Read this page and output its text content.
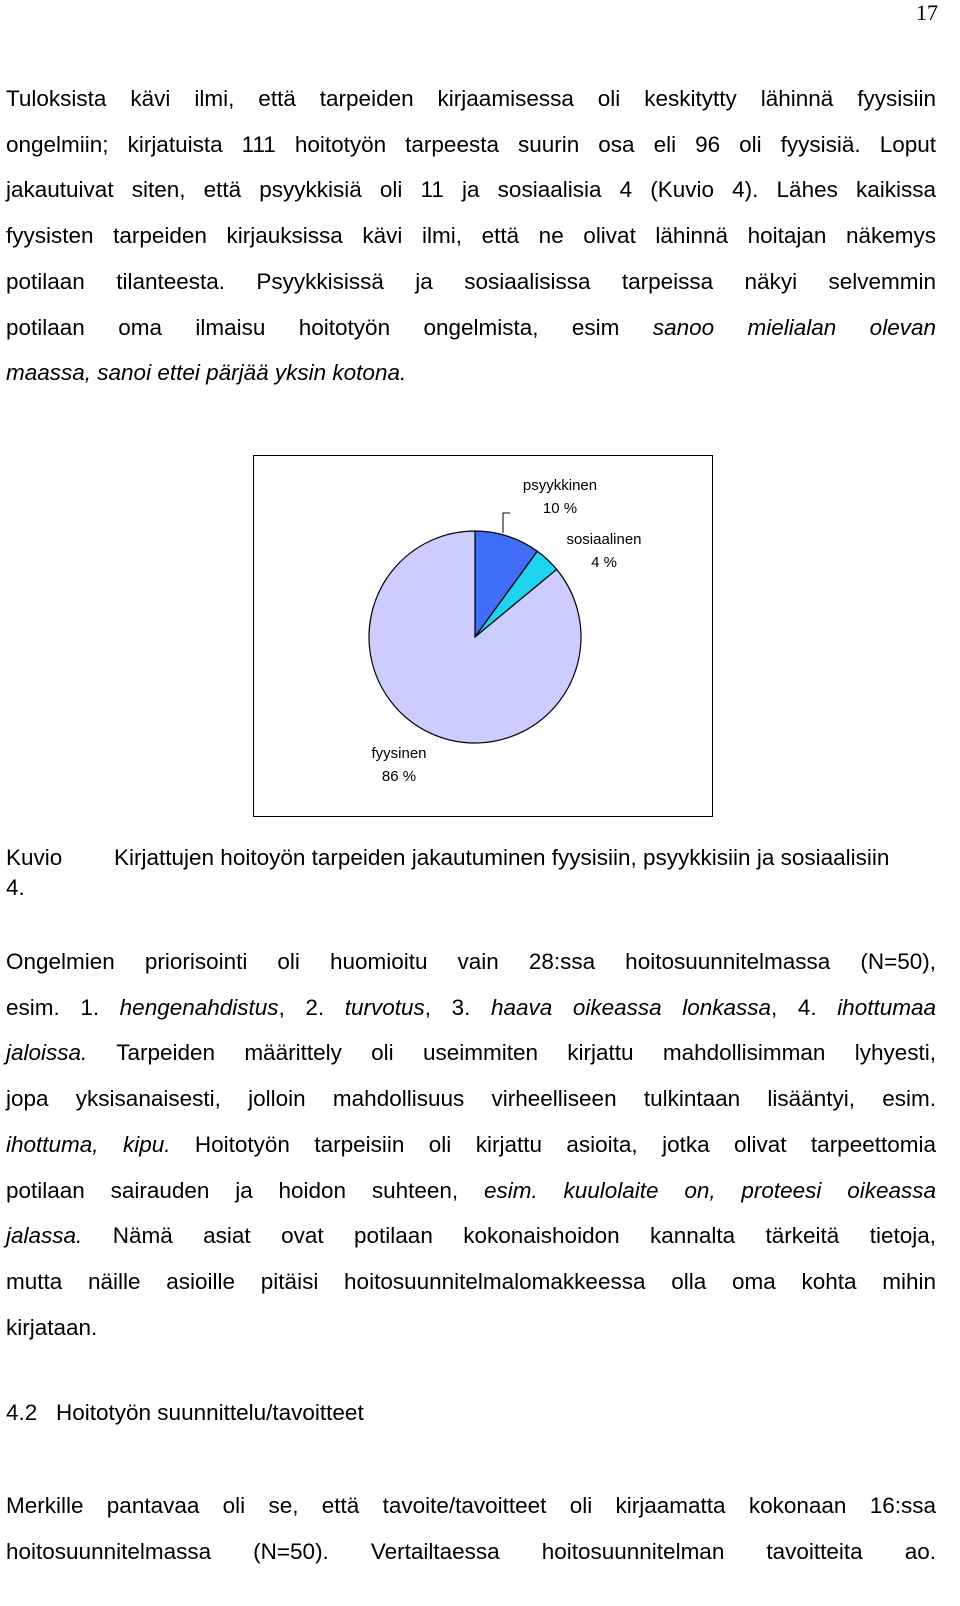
17
Tuloksista kävi ilmi, että tarpeiden kirjaamisessa oli keskitytty lähinnä fyysisiin
ongelmiin; kirjatuista 111 hoitotyön tarpeesta suurin osa eli 96 oli fyysisiä. Loput
jakautuivat siten, että psyykkisiä oli 11 ja sosiaalisia 4 (Kuvio 4). Lähes kaikissa
fyysisten tarpeiden kirjauksissa kävi ilmi, että ne olivat lähinnä hoitajan näkemys
potilaan tilanteesta. Psyykkisissä ja sosiaalisissa tarpeissa näkyi selvemmin
potilaan oma ilmaisu hoitotyön ongelmista, esim sanoo mielialan olevan
maassa, sanoi ettei pärjää yksin kotona.
psyykkinen
10 %
sosiaalinen
4 %
fyysinen
86 %
Kuvio 4.
Kirjattujen hoitoyön tarpeiden jakautuminen fyysisiin, psyykkisiin ja sosiaalisiin
Ongelmien priorisointi oli huomioitu vain 28:ssa hoitosuunnitelmassa (N=50),
esim. 1. hengenahdistus, 2. turvotus, 3. haava oikeassa lonkassa, 4. ihottumaa
jaloissa. Tarpeiden määrittely oli useimmiten kirjattu mahdollisimman lyhyesti,
jopa yksisanaisesti, jolloin mahdollisuus virheelliseen tulkintaan lisääntyi, esim.
ihottuma, kipu. Hoitotyön tarpeisiin oli kirjattu asioita, jotka olivat tarpeettomia
potilaan sairauden ja hoidon suhteen, esim. kuulolaite on, proteesi oikeassa
jalassa. Nämä asiat ovat potilaan kokonaishoidon kannalta tärkeitä tietoja,
mutta näille asioille pitäisi hoitosuunnitelmalomakkeessa olla oma kohta mihin
kirjataan.
4.2 Hoitotyön suunnittelu/tavoitteet
Merkille pantavaa oli se, että tavoite/tavoitteet oli kirjaamatta kokonaan 16:ssa
hoitosuunnitelmassa (N=50). Vertailtaessa hoitosuunnitelman tavoitteita ao.
